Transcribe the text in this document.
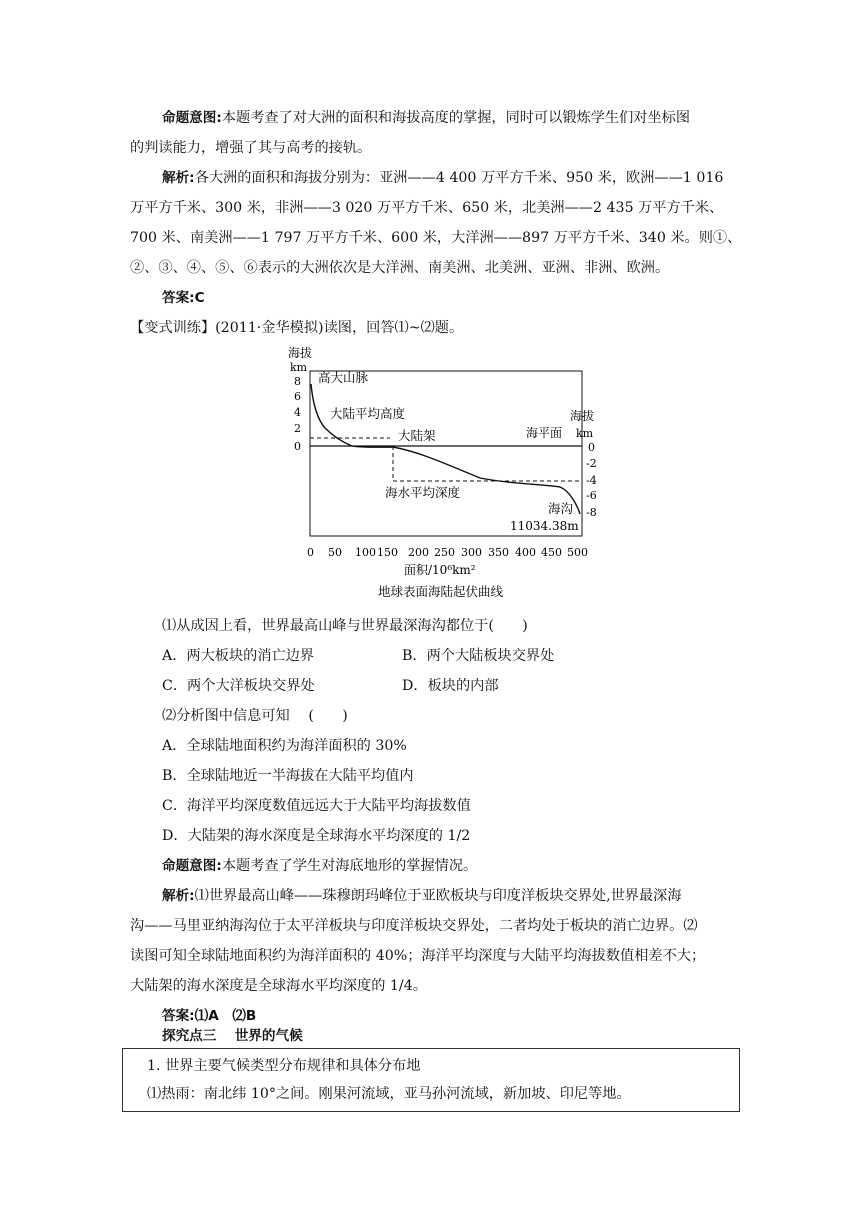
命题意图:本题考查了对大洲的面积和海拔高度的掌握，同时可以锻炼学生们对坐标图
的判读能力，增强了其与高考的接轨。
解析:各大洲的面积和海拔分别为：亚洲——4 400 万平方千米、950 米，欧洲——1 016
万平方千米、300 米，非洲——3 020 万平方千米、650 米，北美洲——2 435 万平方千米、
700 米、南美洲——1 797 万平方千米、600 米，大洋洲——897 万平方千米、340 米。则①、
②、③、④、⑤、⑥表示的大洲依次是大洋洲、南美洲、北美洲、亚洲、非洲、欧洲。
答案:C
【变式训练】(2011·金华模拟)读图，回答⑴~⑵题。
海拔
km
8
6
4
2
0
海拔
海平面 km
0
-2
-4
-6
-8
高大山脉
大陆平均高度
大陆架
海水平均深度
海沟
11034.38m
0 50 100 150 200 250 300 350 400 450 500
面积/10⁶km²
地球表面海陆起伏曲线
⑴从成因上看，世界最高山峰与世界最深海沟都位于(　　)
A．两大板块的消亡边界	B．两个大陆板块交界处
C．两个大洋板块交界处	D．板块的内部
⑵分析图中信息可知　 (　　)
A．全球陆地面积约为海洋面积的 30%
B．全球陆地近一半海拔在大陆平均值内
C．海洋平均深度数值远远大于大陆平均海拔数值
D．大陆架的海水深度是全球海水平均深度的 1/2
命题意图:本题考查了学生对海底地形的掌握情况。
解析:⑴世界最高山峰——珠穆朗玛峰位于亚欧板块与印度洋板块交界处,世界最深海
沟——马里亚纳海沟位于太平洋板块与印度洋板块交界处，二者均处于板块的消亡边界。⑵
读图可知全球陆地面积约为海洋面积的 40%；海洋平均深度与大陆平均海拔数值相差不大；
大陆架的海水深度是全球海水平均深度的 1/4。
答案:⑴A　⑵B
探究点三　 世界的气候
1. 世界主要气候类型分布规律和具体分布地
⑴热雨：南北纬 10°之间。刚果河流域，亚马孙河流域，新加坡、印尼等地。
